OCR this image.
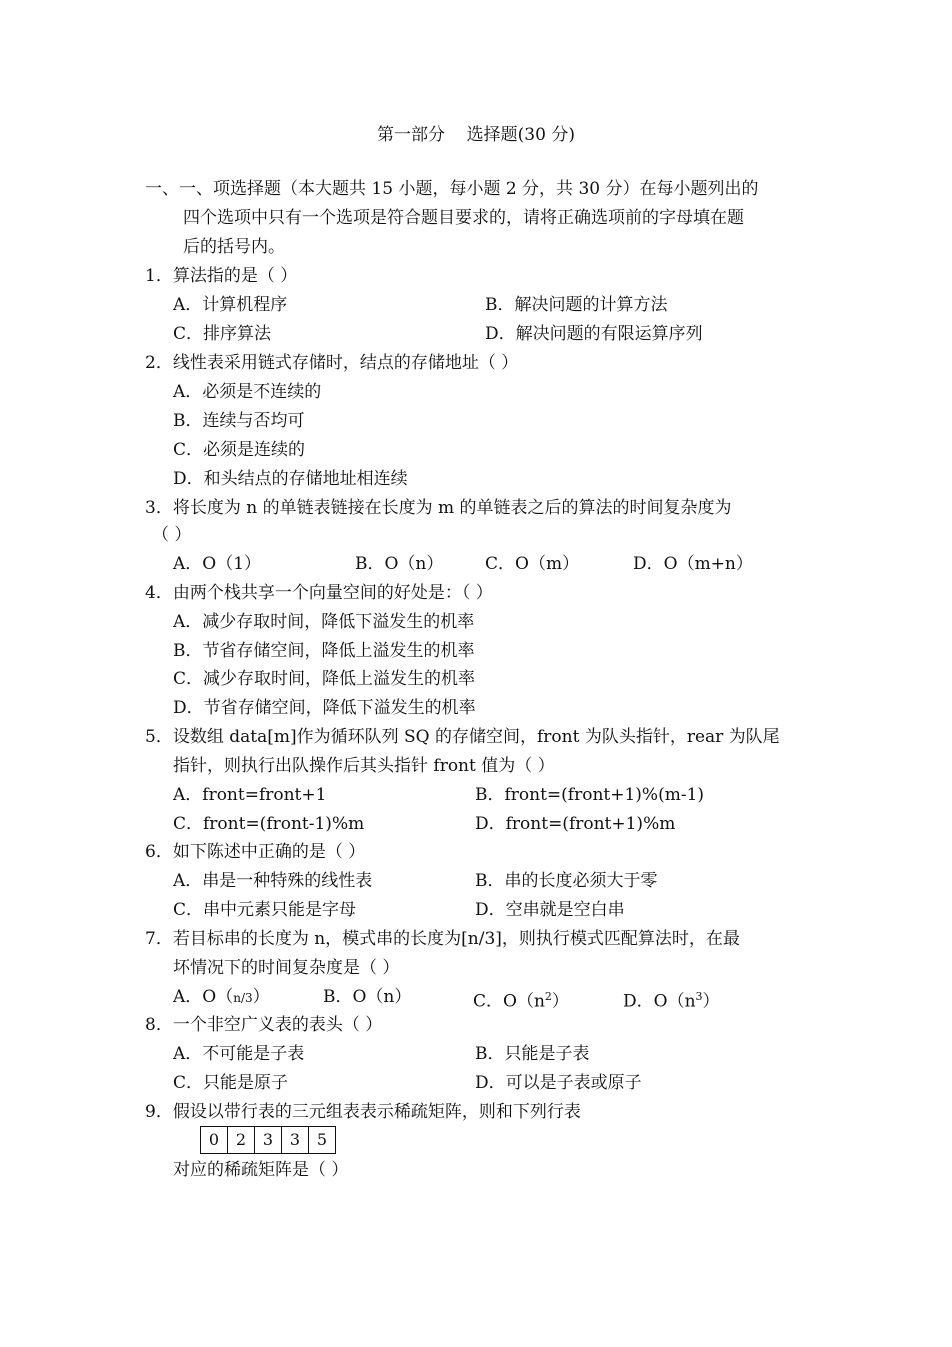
第一部分    选择题(30 分)
一、一、项选择题（本大题共 15 小题，每小题 2 分，共 30 分）在每小题列出的
四个选项中只有一个选项是符合题目要求的，请将正确选项前的字母填在题
后的括号内。
1．算法指的是（ ）
A．计算机程序	B．解决问题的计算方法
C．排序算法	D．解决问题的有限运算序列
2．线性表采用链式存储时，结点的存储地址（ ）
A．必须是不连续的
B．连续与否均可
C．必须是连续的
D．和头结点的存储地址相连续
3．将长度为 n 的单链表链接在长度为 m 的单链表之后的算法的时间复杂度为
（ ）
A．O（1）	B．O（n） C．O（m）	D．O（m+n）
4．由两个栈共享一个向量空间的好处是：（ ）
A．减少存取时间，降低下溢发生的机率
B．节省存储空间，降低上溢发生的机率
C．减少存取时间，降低上溢发生的机率
D．节省存储空间，降低下溢发生的机率
5．设数组 data[m]作为循环队列 SQ 的存储空间，front 为队头指针，rear 为队尾
指针，则执行出队操作后其头指针 front 值为（ ）
A．front=front+1	B．front=(front+1)%(m-1)
C．front=(front-1)%m	D．front=(front+1)%m
6．如下陈述中正确的是（ ）
A．串是一种特殊的线性表	B．串的长度必须大于零
C．串中元素只能是字母	D．空串就是空白串
7．若目标串的长度为 n，模式串的长度为[n/3]，则执行模式匹配算法时，在最
坏情况下的时间复杂度是（ ）
A．O（n/3）	B．O（n）	C．$O(n^2)$	D．$O(n^3)$
8．一个非空广义表的表头（ ）
A．不可能是子表	B．只能是子表
C．只能是原子	D．可以是子表或原子
9．假设以带行表的三元组表表示稀疏矩阵，则和下列行表
0	2	3	3	5
对应的稀疏矩阵是（ ）
